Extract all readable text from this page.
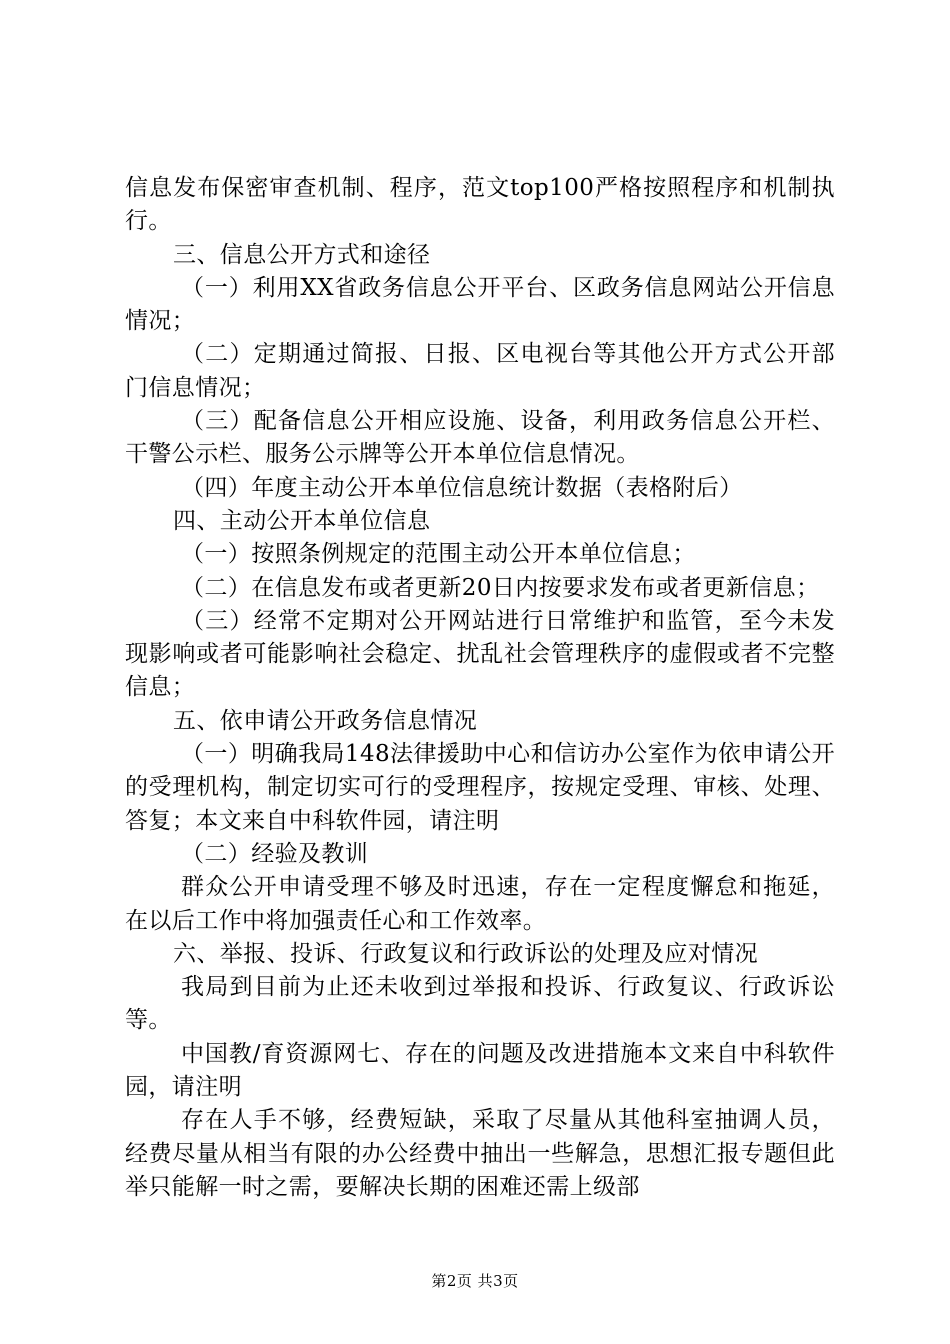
信息发布保密审查机制、程序，范文top100严格按照程序和机制执行。

三、信息公开方式和途径

（一）利用XX省政务信息公开平台、区政务信息网站公开信息情况；

（二）定期通过简报、日报、区电视台等其他公开方式公开部门信息情况；

（三）配备信息公开相应设施、设备，利用政务信息公开栏、干警公示栏、服务公示牌等公开本单位信息情况。

（四）年度主动公开本单位信息统计数据（表格附后）

四、主动公开本单位信息

（一）按照条例规定的范围主动公开本单位信息；

（二）在信息发布或者更新20日内按要求发布或者更新信息；

（三）经常不定期对公开网站进行日常维护和监管，至今未发现影响或者可能影响社会稳定、扰乱社会管理秩序的虚假或者不完整信息；

五、依申请公开政务信息情况

（一）明确我局148法律援助中心和信访办公室作为依申请公开的受理机构，制定切实可行的受理程序，按规定受理、审核、处理、答复；本文来自中科软件园，请注明

（二）经验及教训

群众公开申请受理不够及时迅速，存在一定程度懈怠和拖延，在以后工作中将加强责任心和工作效率。

六、举报、投诉、行政复议和行政诉讼的处理及应对情况

我局到目前为止还未收到过举报和投诉、行政复议、行政诉讼等。

中国教/育资源网七、存在的问题及改进措施本文来自中科软件园，请注明

存在人手不够，经费短缺，采取了尽量从其他科室抽调人员，经费尽量从相当有限的办公经费中抽出一些解急，思想汇报专题但此举只能解一时之需，要解决长期的困难还需上级部

第2页 共3页
